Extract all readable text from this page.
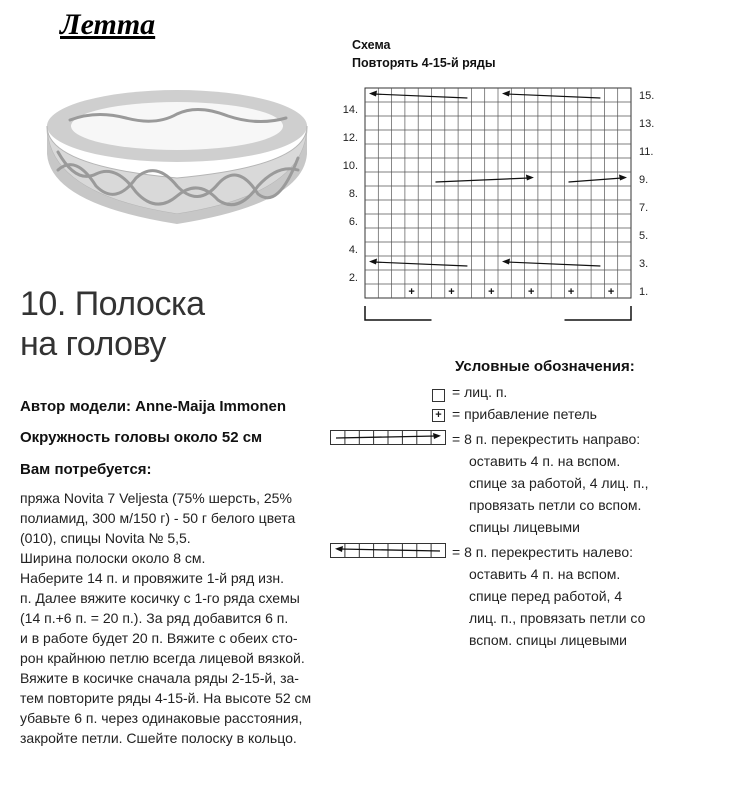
Летта
10. Полоска
на голову
Автор модели: Anne-Maija Immonen
Окружность головы около 52 см
Вам потребуется:
пряжа Novita 7 Veljesta (75% шерсть, 25%
полиамид, 300 м/150 г) - 50 г белого цвета
(010), спицы Novita № 5,5.
Ширина полоски около 8 см.
Наберите 14 п. и провяжите 1-й ряд изн.
п. Далее вяжите косичку с 1-го ряда схемы
(14 п.+6 п. = 20 п.). За ряд добавится 6 п.
и в работе будет 20 п. Вяжите с обеих сто-
рон крайнюю петлю всегда лицевой вязкой.
Вяжите в косичке сначала ряды 2-15-й, за-
тем повторите ряды 4-15-й. На высоте 52 см
убавьте 6 п. через одинаковые расстояния,
закройте петли. Сшейте полоску в кольцо.
Схема
Повторять 4-15-й ряды
2.
4.
6.
8.
10.
12.
14.
1.
3.
5.
7.
9.
11.
13.
15.
+	+	+	+	+	+
Условные обозначения:
= лиц. п.
+ = прибавление петель
= 8 п. перекрестить направо:
оставить 4 п. на вспом.
спице за работой, 4 лиц. п.,
провязать петли со вспом.
спицы лицевыми
= 8 п. перекрестить налево:
оставить 4 п. на вспом.
спице перед работой, 4
лиц. п., провязать петли со
вспом. спицы лицевыми
